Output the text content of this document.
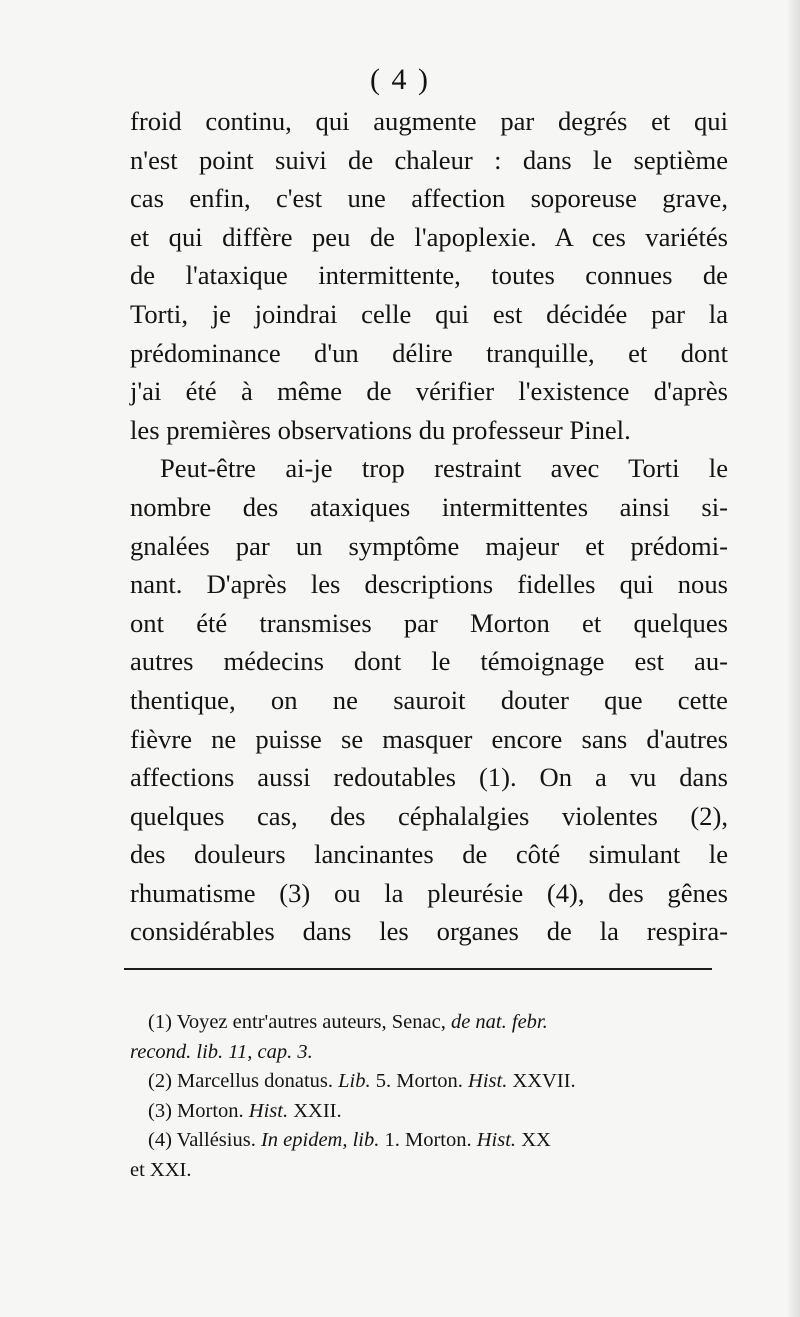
( 4 )
froid continu, qui augmente par degrés et qui
n'est point suivi de chaleur : dans le septième
cas enfin, c'est une affection soporeuse grave,
et qui diffère peu de l'apoplexie. A ces variétés
de l'ataxique intermittente, toutes connues de
Torti, je joindrai celle qui est décidée par la
prédominance d'un délire tranquille, et dont
j'ai été à même de vérifier l'existence d'après
les premières observations du professeur Pinel.
Peut-être ai-je trop restraint avec Torti le
nombre des ataxiques intermittentes ainsi si-
gnalées par un symptôme majeur et prédomi-
nant. D'après les descriptions fidelles qui nous
ont été transmises par Morton et quelques
autres médecins dont le témoignage est au-
thentique, on ne sauroit douter que cette
fièvre ne puisse se masquer encore sans d'autres
affections aussi redoutables (1). On a vu dans
quelques cas, des céphalalgies violentes (2),
des douleurs lancinantes de côté simulant le
rhumatisme (3) ou la pleurésie (4), des gênes
considérables dans les organes de la respira-
(1) Voyez entr'autres auteurs, Senac, de nat. febr.
recond. lib. 11, cap. 3.
(2) Marcellus donatus. Lib. 5. Morton. Hist. XXVII.
(3) Morton. Hist. XXII.
(4) Vallésius. In epidem, lib. 1. Morton. Hist. XX
et XXI.
